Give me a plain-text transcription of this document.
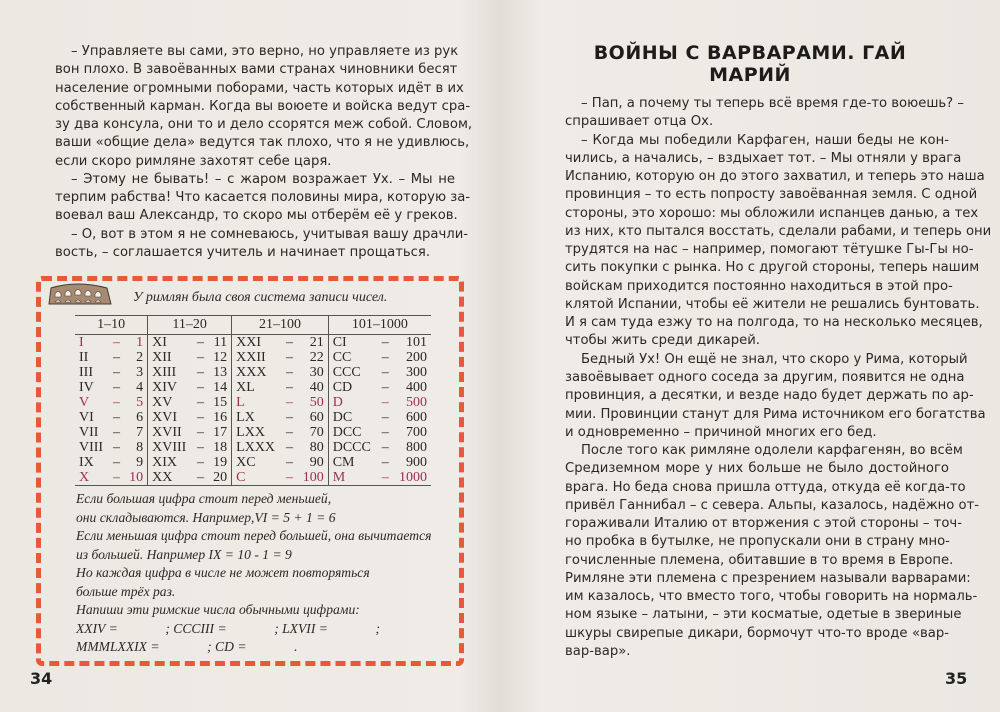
– Управляете вы сами, это верно, но управляете из рук
вон плохо. В завоёванных вами странах чиновники бесят
население огромными поборами, часть которых идёт в их
собственный карман. Когда вы воюете и войска ведут сра-
зу два консула, они то и дело ссорятся меж собой. Словом,
ваши «общие дела» ведутся так плохо, что я не удивлюсь,
если скоро римляне захотят себе царя.
– Этому не бывать! – с жаром возражает Ух. – Мы не
терпим рабства! Что касается половины мира, которую за-
воевал ваш Александр, то скоро мы отберём её у греков.
– О, вот в этом я не сомневаюсь, учитывая вашу драчли-
вость, – соглашается учитель и начинает прощаться.
У римлян была своя система записи чисел.
1–10			11–20			21–100			101–1000		
I	–	1	XI	–	11	XXI	–	21	CI	–	101
II	–	2	XII	–	12	XXII	–	22	CC	–	200
III	–	3	XIII	–	13	XXX	–	30	CCC	–	300
IV	–	4	XIV	–	14	XL	–	40	CD	–	400
V	–	5	XV	–	15	L	–	50	D	–	500
VI	–	6	XVI	–	16	LX	–	60	DC	–	600
VII	–	7	XVII	–	17	LXX	–	70	DCC	–	700
VIII	–	8	XVIII	–	18	LXXX	–	80	DCCC	–	800
IX	–	9	XIX	–	19	XC	–	90	CM	–	900
X	–	10	XX	–	20	C	–	100	M	–	1000
Если большая цифра стоит перед меньшей,
они складываются. Например,VI = 5 + 1 = 6
Если меньшая цифра стоит перед большей, она вычитается
из большей. Например IX = 10 - 1 = 9
Но каждая цифра в числе не может повторяться
больше трёх раз.
Напиши эти римские числа обычными цифрами:
XXIV =              ; CCCIII =              ; LXVII =              ;
MMMLXXIX =              ; CD =              .
34
ВОЙНЫ С ВАРВАРАМИ. ГАЙ МАРИЙ
– Пап, а почему ты теперь всё время где-то воюешь? –
спрашивает отца Ох.
– Когда мы победили Карфаген, наши беды не кон-
чились, а начались, – вздыхает тот. – Мы отняли у врага
Испанию, которую он до этого захватил, и теперь это наша
провинция – то есть попросту завоёванная земля. С одной
стороны, это хорошо: мы обложили испанцев данью, а тех
из них, кто пытался восстать, сделали рабами, и теперь они
трудятся на нас – например, помогают тётушке Гы-Гы но-
сить покупки с рынка. Но с другой стороны, теперь нашим
войскам приходится постоянно находиться в этой про-
клятой Испании, чтобы её жители не решались бунтовать.
И я сам туда езжу то на полгода, то на несколько месяцев,
чтобы жить среди дикарей.
Бедный Ух! Он ещё не знал, что скоро у Рима, который
завоёвывает одного соседа за другим, появится не одна
провинция, а десятки, и везде надо будет держать по ар-
мии. Провинции станут для Рима источником его богатства
и одновременно – причиной многих его бед.
После того как римляне одолели карфагенян, во всём
Средиземном море у них больше не было достойного
врага. Но беда снова пришла оттуда, откуда её когда-то
привёл Ганнибал – с севера. Альпы, казалось, надёжно от-
гораживали Италию от вторжения с этой стороны – точ-
но пробка в бутылке, не пропускали они в страну мно-
гочисленные племена, обитавшие в то время в Европе.
Римляне эти племена с презрением называли варварами:
им казалось, что вместо того, чтобы говорить на нормаль-
ном языке – латыни, – эти косматые, одетые в звериные
шкуры свирепые дикари, бормочут что-то вроде «вар-
вар-вар».
35
